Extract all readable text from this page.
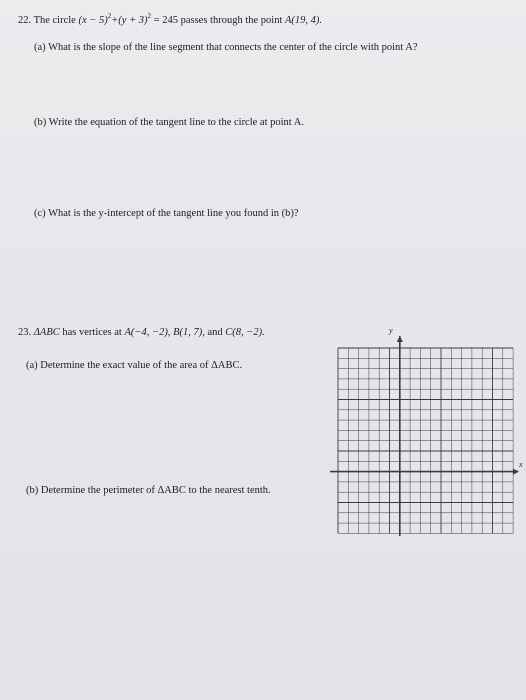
22. The circle $(x - 5)^2+(y + 3)^2 = 245$ passes through the point A(19, 4).
(a) What is the slope of the line segment that connects the center of the circle with point A?
(b) Write the equation of the tangent line to the circle at point A.
(c) What is the y-intercept of the tangent line you found in (b)?
23. ΔABC has vertices at A(−4, −2), B(1, 7), and C(8, −2).
(a) Determine the exact value of the area of ΔABC.
(b) Determine the perimeter of ΔABC to the nearest tenth.
y
x
